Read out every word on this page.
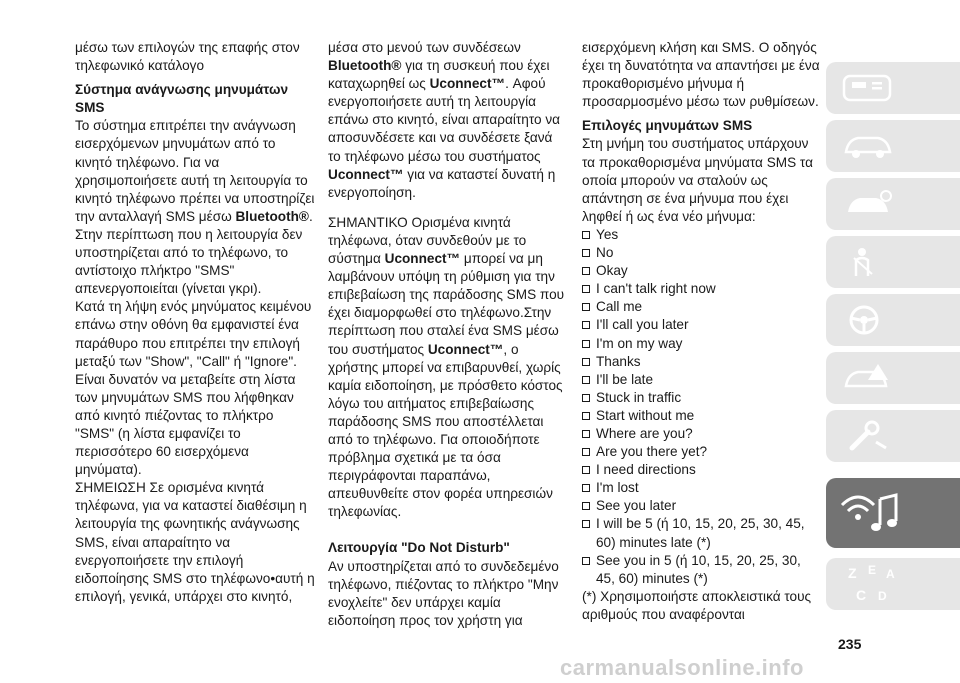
μέσω των επιλογών της επαφής στον τηλεφωνικό κατάλογο

Σύστημα ανάγνωσης μηνυμάτων SMS

Το σύστημα επιτρέπει την ανάγνωση εισερχόμενων μηνυμάτων από το κινητό τηλέφωνο. Για να χρησιμοποιήσετε αυτή τη λειτουργία το κινητό τηλέφωνο πρέπει να υποστηρίζει την ανταλλαγή SMS μέσω Bluetooth®.

Στην περίπτωση που η λειτουργία δεν υποστηρίζεται από το τηλέφωνο, το αντίστοιχο πλήκτρο "SMS" απενεργοποιείται (γίνεται γκρι).

Κατά τη λήψη ενός μηνύματος κειμένου επάνω στην οθόνη θα εμφανιστεί ένα παράθυρο που επιτρέπει την επιλογή μεταξύ των "Show", "Call" ή "Ignore".

Είναι δυνατόν να μεταβείτε στη λίστα των μηνυμάτων SMS που λήφθηκαν από κινητό πιέζοντας το πλήκτρο "SMS" (η λίστα εμφανίζει το περισσότερο 60 εισερχόμενα μηνύματα).

ΣΗΜΕΙΩΣΗ Σε ορισμένα κινητά τηλέφωνα, για να καταστεί διαθέσιμη η λειτουργία της φωνητικής ανάγνωσης SMS, είναι απαραίτητο να ενεργοποιήσετε την επιλογή ειδοποίησης SMS στο τηλέφωνο•αυτή η επιλογή, γενικά, υπάρχει στο κινητό,

μέσα στο μενού των συνδέσεων Bluetooth® για τη συσκευή που έχει καταχωρηθεί ως Uconnect™. Αφού ενεργοποιήσετε αυτή τη λειτουργία επάνω στο κινητό, είναι απαραίτητο να αποσυνδέσετε και να συνδέσετε ξανά το τηλέφωνο μέσω του συστήματος Uconnect™ για να καταστεί δυνατή η ενεργοποίηση.

ΣΗΜΑΝΤΙΚΟ Ορισμένα κινητά τηλέφωνα, όταν συνδεθούν με το σύστημα Uconnect™ μπορεί να μη λαμβάνουν υπόψη τη ρύθμιση για την επιβεβαίωση της παράδοσης SMS που έχει διαμορφωθεί στο τηλέφωνο.Στην περίπτωση που σταλεί ένα SMS μέσω του συστήματος Uconnect™, ο χρήστης μπορεί να επιβαρυνθεί, χωρίς καμία ειδοποίηση, με πρόσθετο κόστος λόγω του αιτήματος επιβεβαίωσης παράδοσης SMS που αποστέλλεται από το τηλέφωνο. Για οποιοδήποτε πρόβλημα σχετικά με τα όσα περιγράφονται παραπάνω, απευθυνθείτε στον φορέα υπηρεσιών τηλεφωνίας.

Λειτουργία "Do Not Disturb"

Αν υποστηρίζεται από το συνδεδεμένο τηλέφωνο, πιέζοντας το πλήκτρο "Μην ενοχλείτε" δεν υπάρχει καμία ειδοποίηση προς τον χρήστη για

εισερχόμενη κλήση και SMS. Ο οδηγός έχει τη δυνατότητα να απαντήσει με ένα προκαθορισμένο μήνυμα ή προσαρμοσμένο μέσω των ρυθμίσεων.

Επιλογές μηνυμάτων SMS

Στη μνήμη του συστήματος υπάρχουν τα προκαθορισμένα μηνύματα SMS τα οποία μπορούν να σταλούν ως απάντηση σε ένα μήνυμα που έχει ληφθεί ή ως ένα νέο μήνυμα:

Yes
No
Okay
I can't talk right now
Call me
I'll call you later
I'm on my way
Thanks
I'll be late
Stuck in traffic
Start without me
Where are you?
Are you there yet?
I need directions
I'm lost
See you later
I will be 5 (ή 10, 15, 20, 25, 30, 45, 60) minutes late (*)
See you in 5 (ή 10, 15, 20, 25, 30, 45, 60) minutes (*)

(*) Χρησιμοποιήστε αποκλειστικά τους αριθμούς που αναφέρονται

Z E A
C D
235
carmanualsonline.info
